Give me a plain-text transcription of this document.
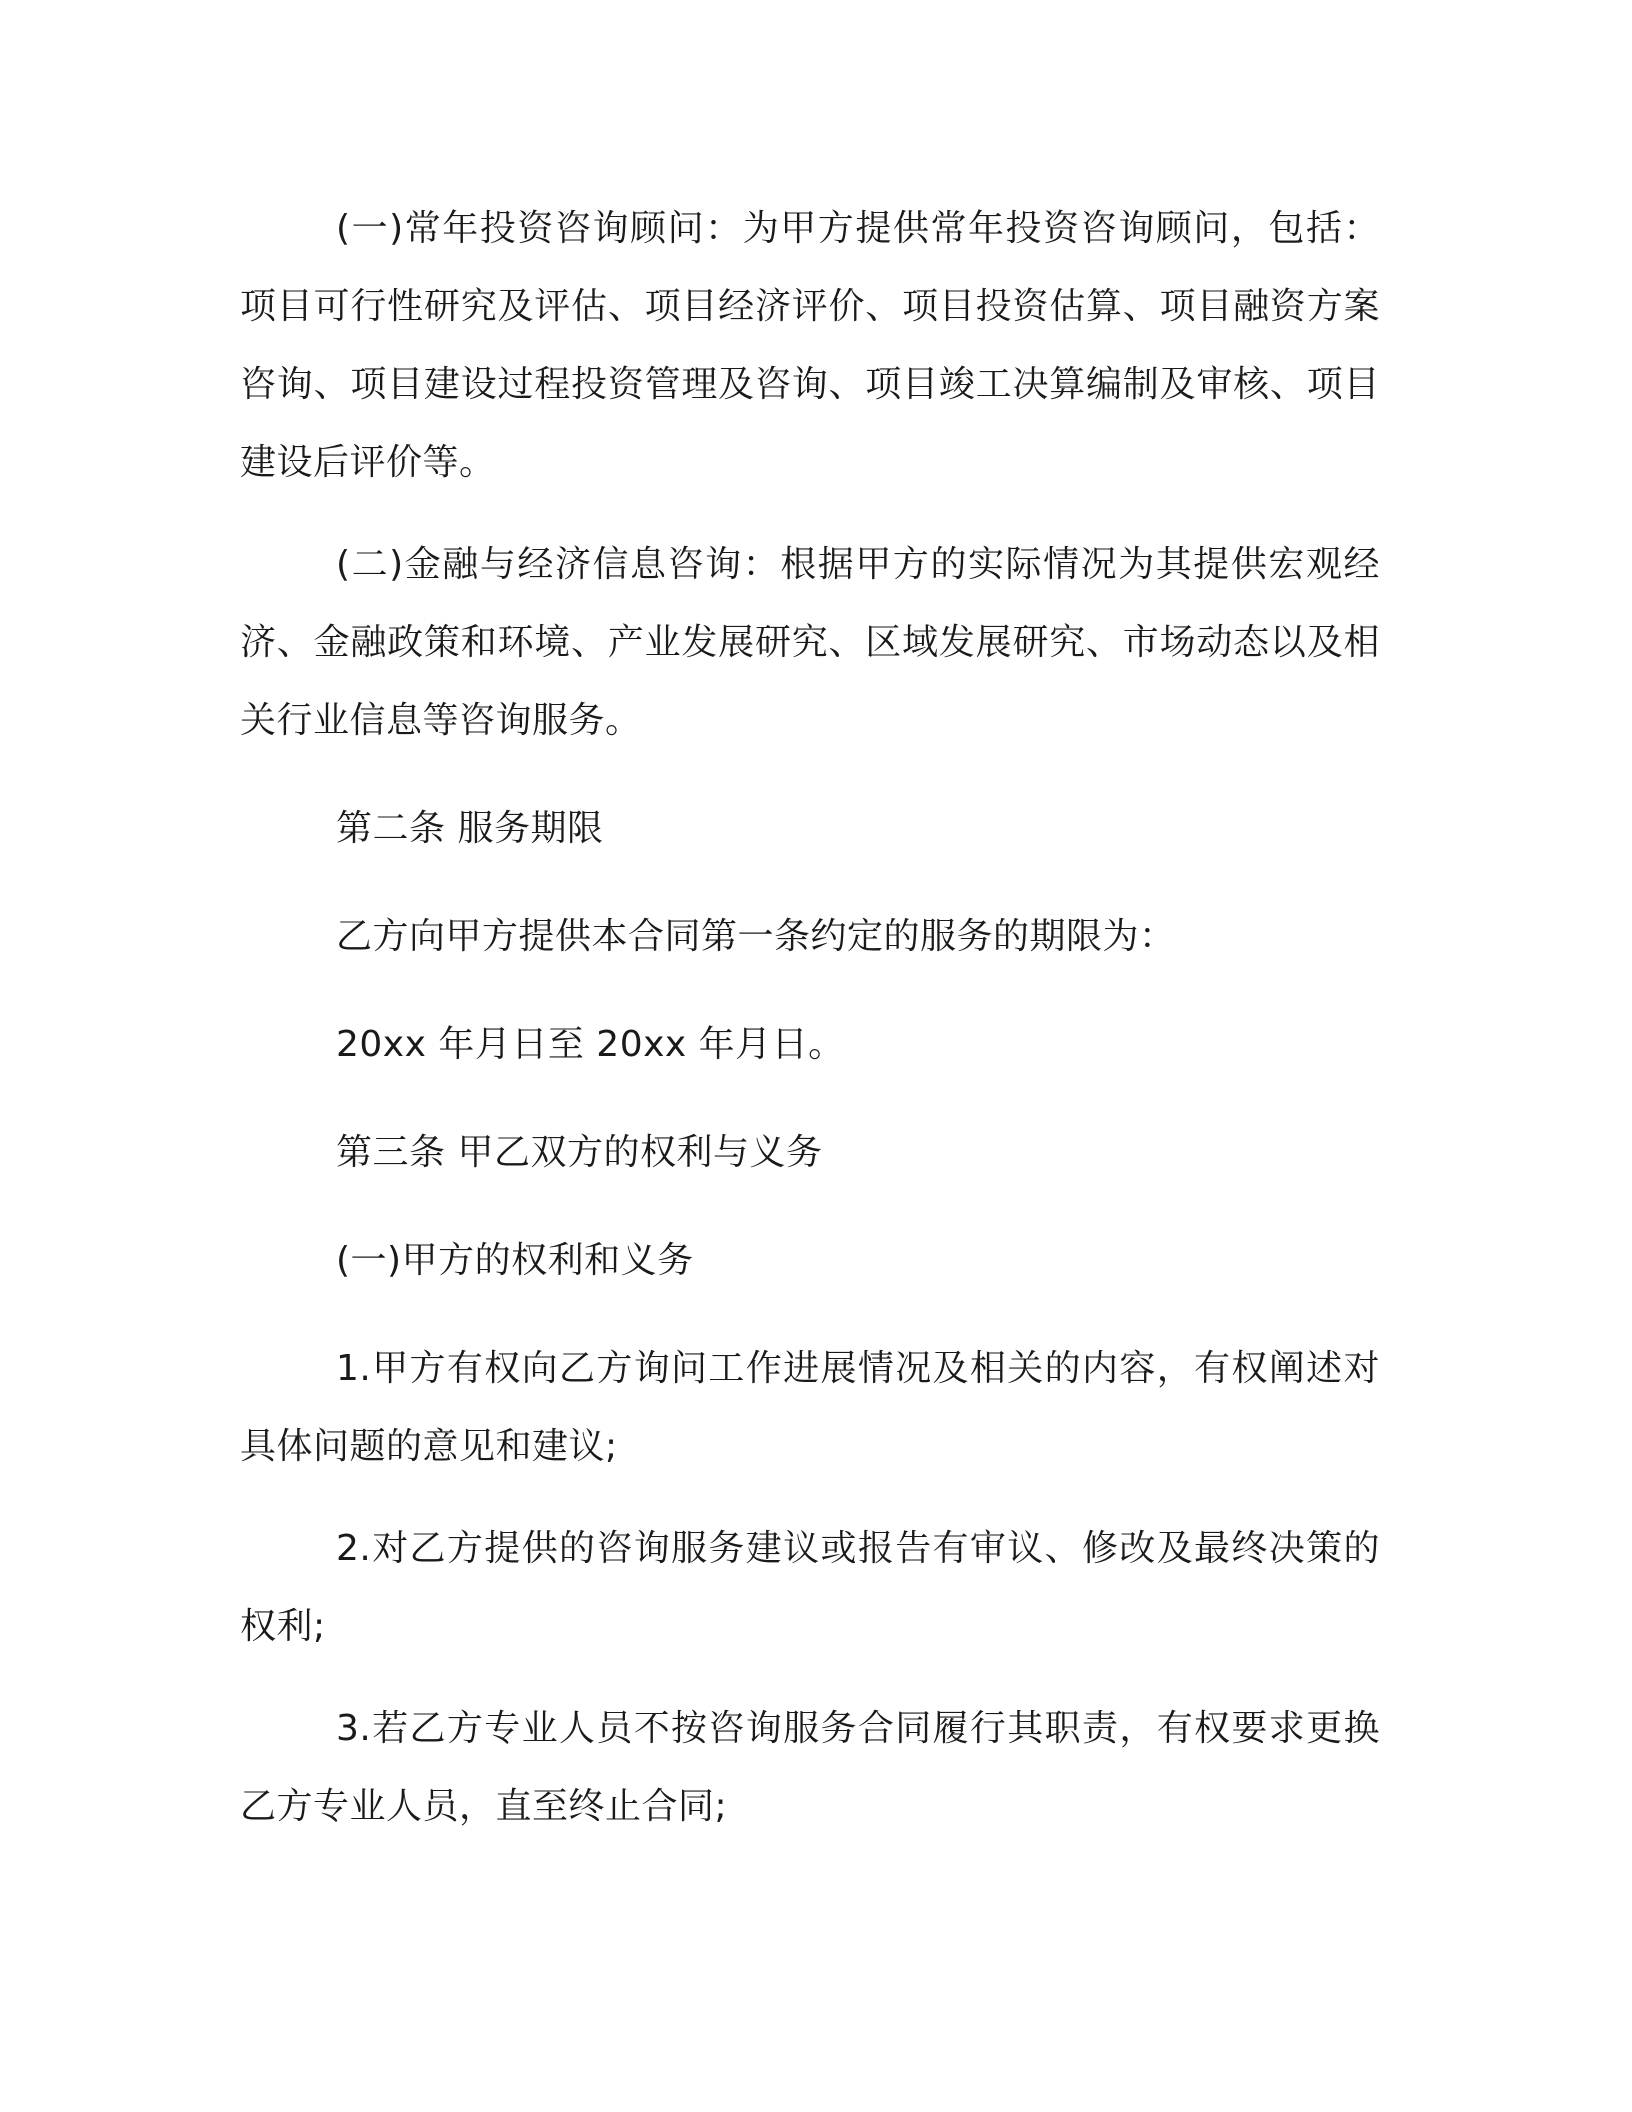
(一)常年投资咨询顾问：为甲方提供常年投资咨询顾问，包括：项目可行性研究及评估、项目经济评价、项目投资估算、项目融资方案咨询、项目建设过程投资管理及咨询、项目竣工决算编制及审核、项目建设后评价等。

(二)金融与经济信息咨询：根据甲方的实际情况为其提供宏观经济、金融政策和环境、产业发展研究、区域发展研究、市场动态以及相关行业信息等咨询服务。

第二条 服务期限

乙方向甲方提供本合同第一条约定的服务的期限为：

20xx 年月日至 20xx 年月日。

第三条 甲乙双方的权利与义务

(一)甲方的权利和义务

1.甲方有权向乙方询问工作进展情况及相关的内容，有权阐述对具体问题的意见和建议;

2.对乙方提供的咨询服务建议或报告有审议、修改及最终决策的权利;

3.若乙方专业人员不按咨询服务合同履行其职责，有权要求更换乙方专业人员，直至终止合同;
